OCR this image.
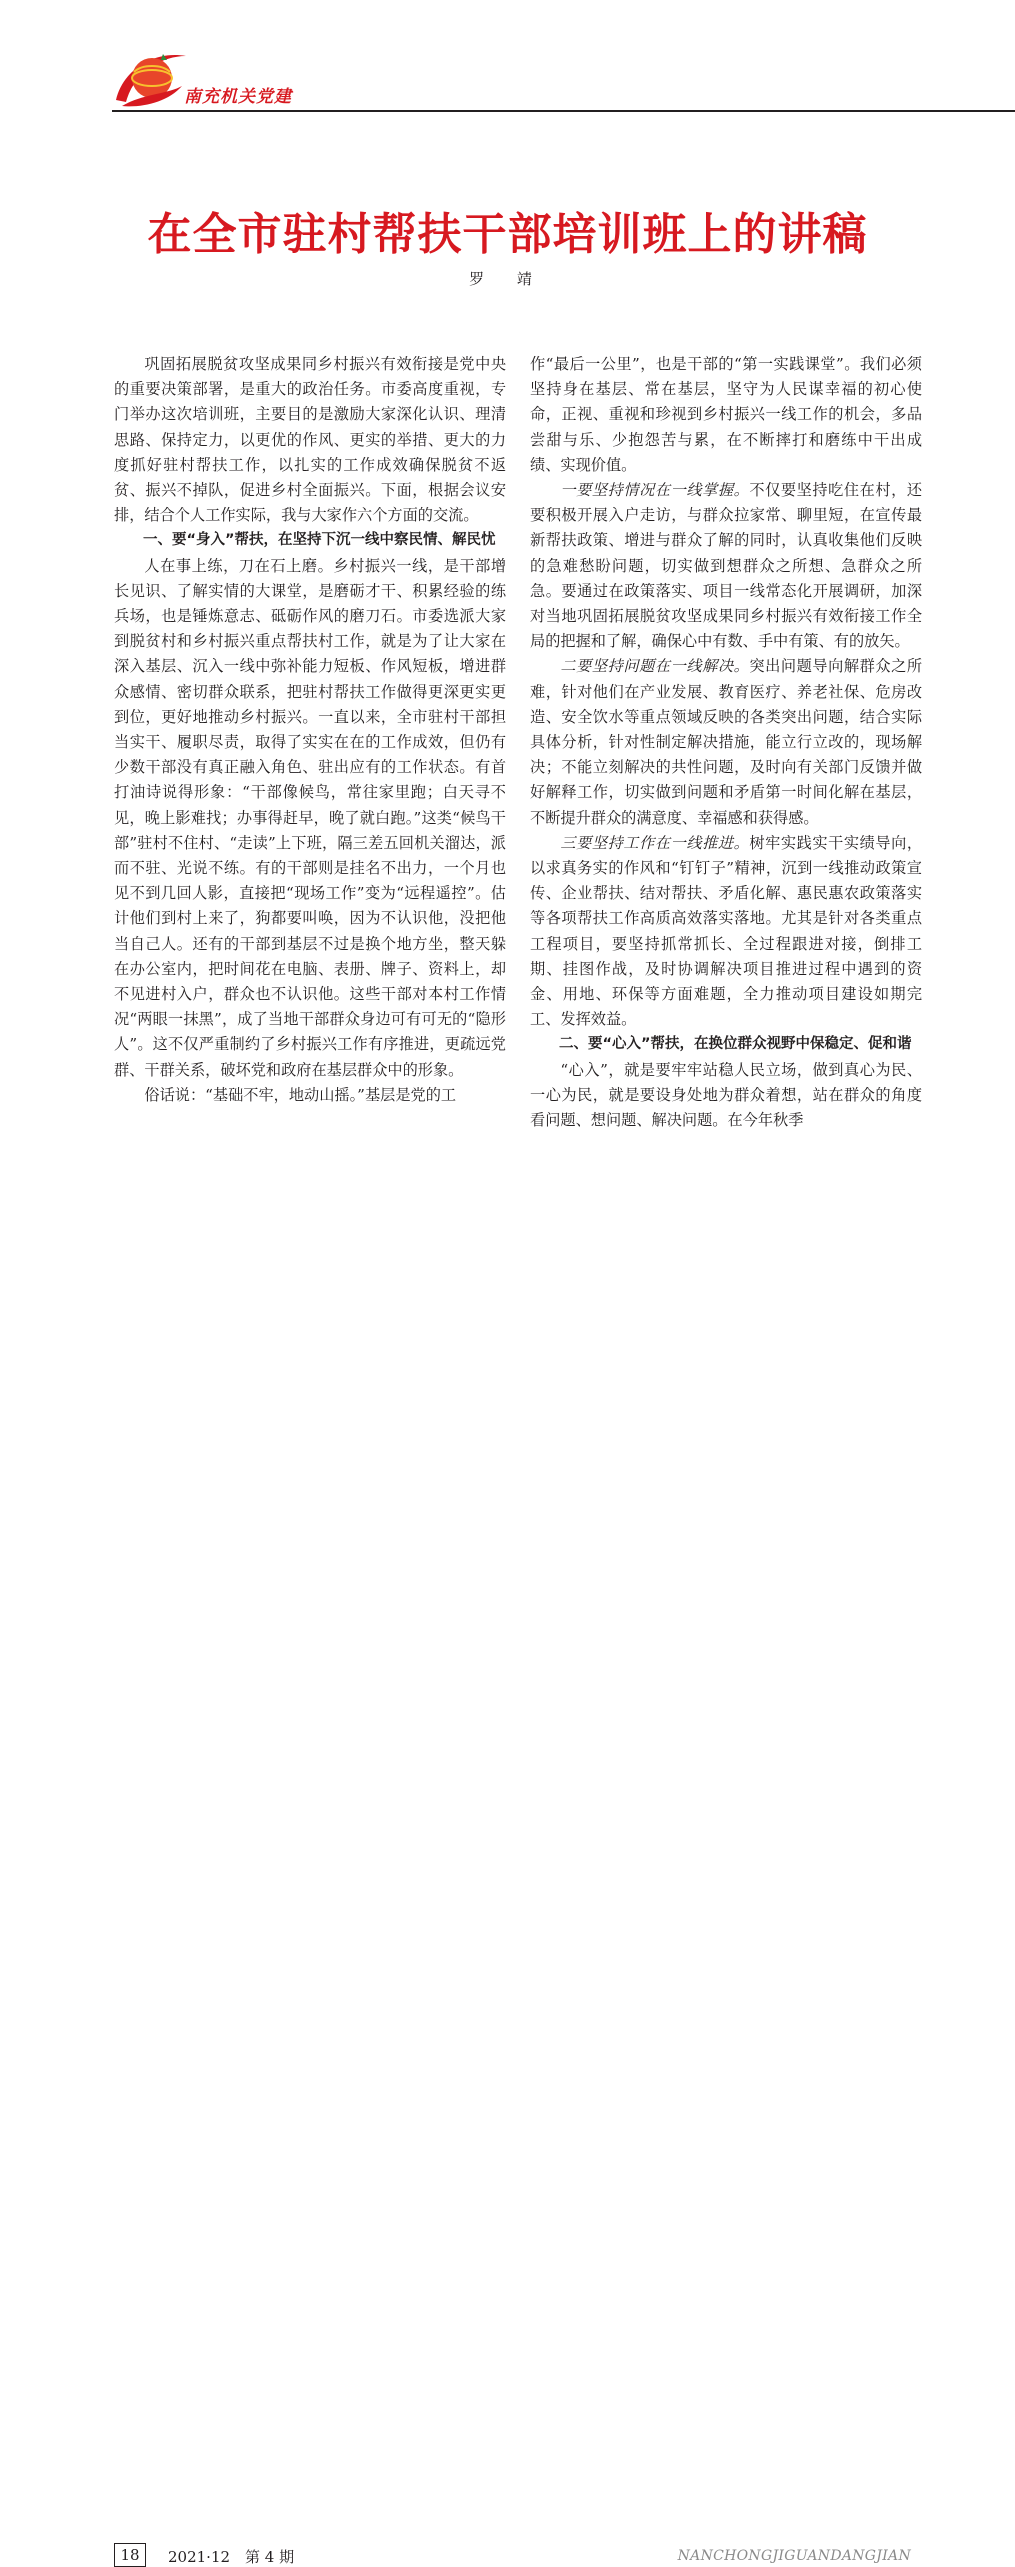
南充机关党建
在全市驻村帮扶干部培训班上的讲稿
罗 靖

巩固拓展脱贫攻坚成果同乡村振兴有效衔接是党中央的重要决策部署，是重大的政治任务。市委高度重视，专门举办这次培训班，主要目的是激励大家深化认识、理清思路、保持定力，以更优的作风、更实的举措、更大的力度抓好驻村帮扶工作，以扎实的工作成效确保脱贫不返贫、振兴不掉队，促进乡村全面振兴。下面，根据会议安排，结合个人工作实际，我与大家作六个方面的交流。

一、要“身入”帮扶，在坚持下沉一线中察民情、解民忧

人在事上练，刀在石上磨。乡村振兴一线，是干部增长见识、了解实情的大课堂，是磨砺才干、积累经验的练兵场，也是锤炼意志、砥砺作风的磨刀石。市委选派大家到脱贫村和乡村振兴重点帮扶村工作，就是为了让大家在深入基层、沉入一线中弥补能力短板、作风短板，增进群众感情、密切群众联系，把驻村帮扶工作做得更深更实更到位，更好地推动乡村振兴。一直以来，全市驻村干部担当实干、履职尽责，取得了实实在在的工作成效，但仍有少数干部没有真正融入角色、驻出应有的工作状态。有首打油诗说得形象：“干部像候鸟，常往家里跑；白天寻不见，晚上影难找；办事得赶早，晚了就白跑。”这类“候鸟干部”驻村不住村、“走读”上下班，隔三差五回机关溜达，派而不驻、光说不练。有的干部则是挂名不出力，一个月也见不到几回人影，直接把“现场工作”变为“远程遥控”。估计他们到村上来了，狗都要叫唤，因为不认识他，没把他当自己人。还有的干部到基层不过是换个地方坐，整天躲在办公室内，把时间花在电脑、表册、牌子、资料上，却不见进村入户，群众也不认识他。这些干部对本村工作情况“两眼一抹黑”，成了当地干部群众身边可有可无的“隐形人”。这不仅严重制约了乡村振兴工作有序推进，更疏远党群、干群关系，破坏党和政府在基层群众中的形象。

俗话说：“基础不牢，地动山摇。”基层是党的工

作“最后一公里”，也是干部的“第一实践课堂”。我们必须坚持身在基层、常在基层，坚守为人民谋幸福的初心使命，正视、重视和珍视到乡村振兴一线工作的机会，多品尝甜与乐、少抱怨苦与累，在不断摔打和磨练中干出成绩、实现价值。

一要坚持情况在一线掌握。不仅要坚持吃住在村，还要积极开展入户走访，与群众拉家常、聊里短，在宣传最新帮扶政策、增进与群众了解的同时，认真收集他们反映的急难愁盼问题，切实做到想群众之所想、急群众之所急。要通过在政策落实、项目一线常态化开展调研，加深对当地巩固拓展脱贫攻坚成果同乡村振兴有效衔接工作全局的把握和了解，确保心中有数、手中有策、有的放矢。

二要坚持问题在一线解决。突出问题导向解群众之所难，针对他们在产业发展、教育医疗、养老社保、危房改造、安全饮水等重点领域反映的各类突出问题，结合实际具体分析，针对性制定解决措施，能立行立改的，现场解决；不能立刻解决的共性问题，及时向有关部门反馈并做好解释工作，切实做到问题和矛盾第一时间化解在基层，不断提升群众的满意度、幸福感和获得感。

三要坚持工作在一线推进。树牢实践实干实绩导向，以求真务实的作风和“钉钉子”精神，沉到一线推动政策宣传、企业帮扶、结对帮扶、矛盾化解、惠民惠农政策落实等各项帮扶工作高质高效落实落地。尤其是针对各类重点工程项目，要坚持抓常抓长、全过程跟进对接，倒排工期、挂图作战，及时协调解决项目推进过程中遇到的资金、用地、环保等方面难题，全力推动项目建设如期完工、发挥效益。

二、要“心入”帮扶，在换位群众视野中保稳定、促和谐

“心入”，就是要牢牢站稳人民立场，做到真心为民、一心为民，就是要设身处地为群众着想，站在群众的角度看问题、想问题、解决问题。在今年秋季

18	2021·12　第 4 期	NANCHONGJIGUANDANGJIAN
